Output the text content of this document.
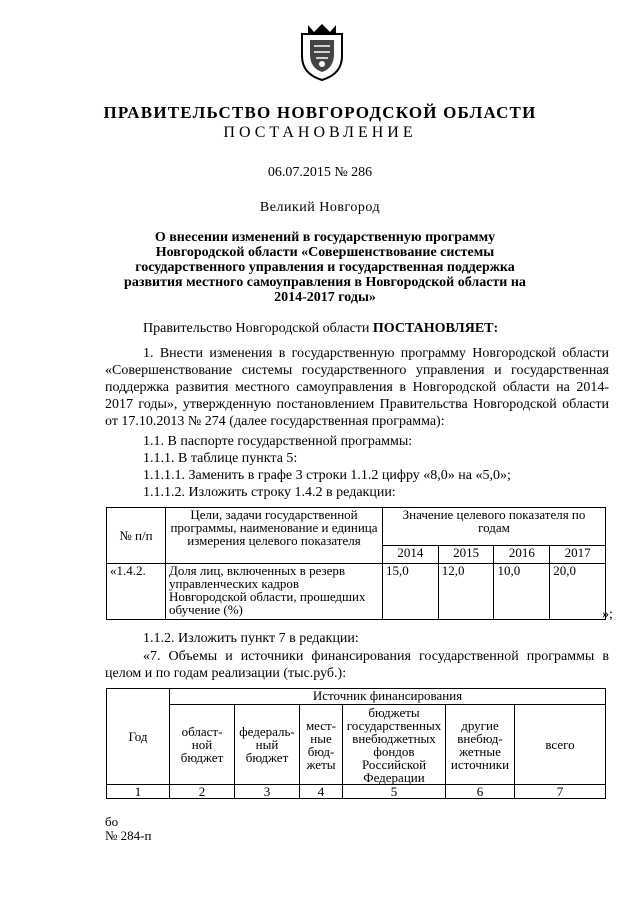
ПРАВИТЕЛЬСТВО НОВГОРОДСКОЙ ОБЛАСТИ
ПОСТАНОВЛЕНИЕ
06.07.2015 № 286
Великий Новгород
О внесении изменений в государственную программу Новгородской области «Совершенствование системы государственного управления и государственная поддержка развития местного самоуправления в Новгородской области на 2014-2017 годы»
Правительство Новгородской области ПОСТАНОВЛЯЕТ:
1. Внести изменения в государственную программу Новгородской области «Совершенствование системы государственного управления и государственная поддержка развития местного самоуправления в Новгородской области на 2014-2017 годы», утвержденную постановлением Правительства Новгородской области от 17.10.2013 № 274 (далее государственная программа):
1.1. В паспорте государственной программы:
1.1.1. В таблице пункта 5:
1.1.1.1. Заменить в графе 3 строки 1.1.2 цифру «8,0» на «5,0»;
1.1.1.2. Изложить строку 1.4.2 в редакции:
№ п/п	Цели, задачи государственной программы, наименование и единица измерения целевого показателя	Значение целевого показателя по годам			
		2014	2015	2016	2017
«1.4.2.	Доля лиц, включенных в резерв управленческих кадров Новгородской области, прошедших обучение (%)	15,0	12,0	10,0	20,0
»;
1.1.2. Изложить пункт 7 в редакции:
«7. Объемы и источники финансирования государственной программы в целом и по годам реализации (тыс.руб.):
Год	Источник финансирования					
	област-ной бюджет	федераль-ный бюджет	мест-ные бюд-жеты	бюджеты государственных внебюджетных фондов Российской Федерации	другие внебюд-жетные источники	всего
1	2	3	4	5	6	7
бо
№ 284-п
